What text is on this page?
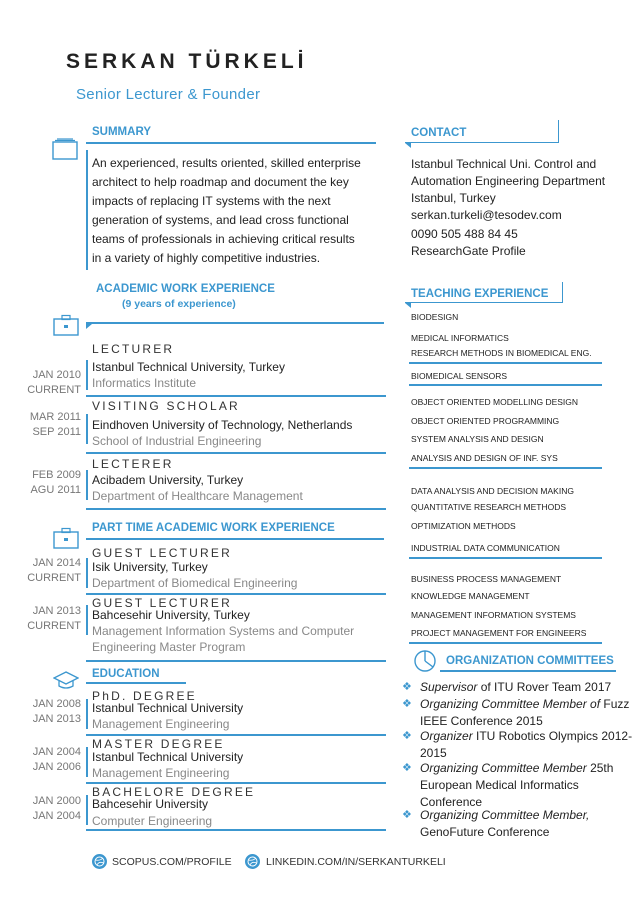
SERKAN TÜRKELİ
Senior Lecturer & Founder
SUMMARY
An experienced, results oriented, skilled enterprise
architect to help roadmap and document the key
impacts of replacing IT systems with the next
generation of systems, and lead cross functional
teams of professionals in achieving critical results
in a variety of highly competitive industries.
CONTACT
Istanbul Technical Uni. Control and
Automation Engineering Department
Istanbul, Turkey
serkan.turkeli@tesodev.com
0090 505 488 84 45
ResearchGate Profile
ACADEMIC WORK EXPERIENCE
(9 years of experience)
LECTURER
Istanbul Technical University, Turkey
Informatics Institute
JAN 2010
CURRENT
VISITING SCHOLAR
Eindhoven University of Technology, Netherlands
School of Industrial Engineering
MAR 2011
SEP 2011
LECTERER
Acibadem University, Turkey
Department of Healthcare Management
FEB 2009
AGU 2011
PART TIME ACADEMIC WORK EXPERIENCE
GUEST LECTURER
Isik University, Turkey
Department of Biomedical Engineering
JAN 2014
CURRENT
GUEST LECTURER
Bahcesehir University, Turkey
Management Information Systems and Computer
Engineering Master Program
JAN 2013
CURRENT
EDUCATION
PhD. DEGREE
Istanbul Technical University
Management Engineering
JAN 2008
JAN 2013
MASTER DEGREE
Istanbul Technical University
Management Engineering
JAN 2004
JAN 2006
BACHELORE DEGREE
Bahcesehir University
Computer Engineering
JAN 2000
JAN 2004
TEACHING EXPERIENCE
BIODESIGN
MEDICAL INFORMATICS
RESEARCH METHODS IN BIOMEDICAL ENG.
BIOMEDICAL SENSORS
OBJECT ORIENTED MODELLING DESIGN
OBJECT ORIENTED PROGRAMMING
SYSTEM ANALYSIS AND DESIGN
ANALYSIS AND DESIGN OF INF. SYS
DATA ANALYSIS AND DECISION MAKING
QUANTITATIVE RESEARCH METHODS
OPTIMIZATION METHODS
INDUSTRIAL DATA COMMUNICATION
BUSINESS PROCESS MANAGEMENT
KNOWLEDGE MANAGEMENT
MANAGEMENT INFORMATION SYSTEMS
PROJECT MANAGEMENT FOR ENGINEERS
ORGANIZATION COMMITTEES
❖ Supervisor of ITU Rover Team 2017
❖ Organizing Committee Member of Fuzz IEEE Conference 2015
❖ Organizer ITU Robotics Olympics 2012-2015
❖ Organizing Committee Member 25th European Medical Informatics Conference
❖ Organizing Committee Member, GenoFuture Conference
SCOPUS.COM/PROFILE	LINKEDIN.COM/IN/SERKANTURKELI
